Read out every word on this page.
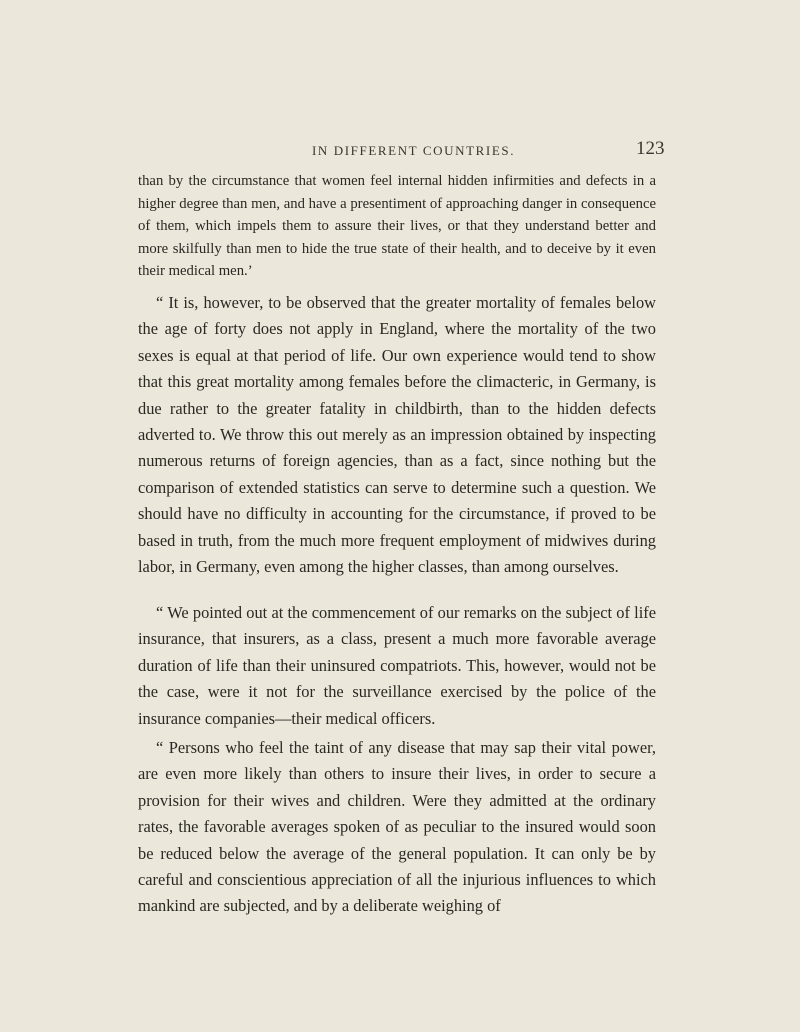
IN DIFFERENT COUNTRIES.	123

than by the circumstance that women feel internal hidden infirmities and defects in a higher degree than men, and have a presentiment of approaching danger in consequence of them, which impels them to assure their lives, or that they understand better and more skilfully than men to hide the true state of their health, and to deceive by it even their medical men.’

“ It is, however, to be observed that the greater mortality of females below the age of forty does not apply in England, where the mortality of the two sexes is equal at that period of life. Our own experience would tend to show that this great mortality among females before the climacteric, in Germany, is due rather to the greater fatality in childbirth, than to the hidden defects adverted to. We throw this out merely as an impression obtained by inspecting numerous returns of foreign agencies, than as a fact, since nothing but the comparison of extended statistics can serve to determine such a question. We should have no difficulty in accounting for the circumstance, if proved to be based in truth, from the much more frequent employment of midwives during labor, in Germany, even among the higher classes, than among ourselves.

“ We pointed out at the commencement of our remarks on the subject of life insurance, that insurers, as a class, present a much more favorable average duration of life than their uninsured compatriots. This, however, would not be the case, were it not for the surveillance exercised by the police of the insurance companies—their medical officers.

“ Persons who feel the taint of any disease that may sap their vital power, are even more likely than others to insure their lives, in order to secure a provision for their wives and children. Were they admitted at the ordinary rates, the favorable averages spoken of as peculiar to the insured would soon be reduced below the average of the general population. It can only be by careful and conscientious appreciation of all the injurious influences to which mankind are subjected, and by a deliberate weighing of
